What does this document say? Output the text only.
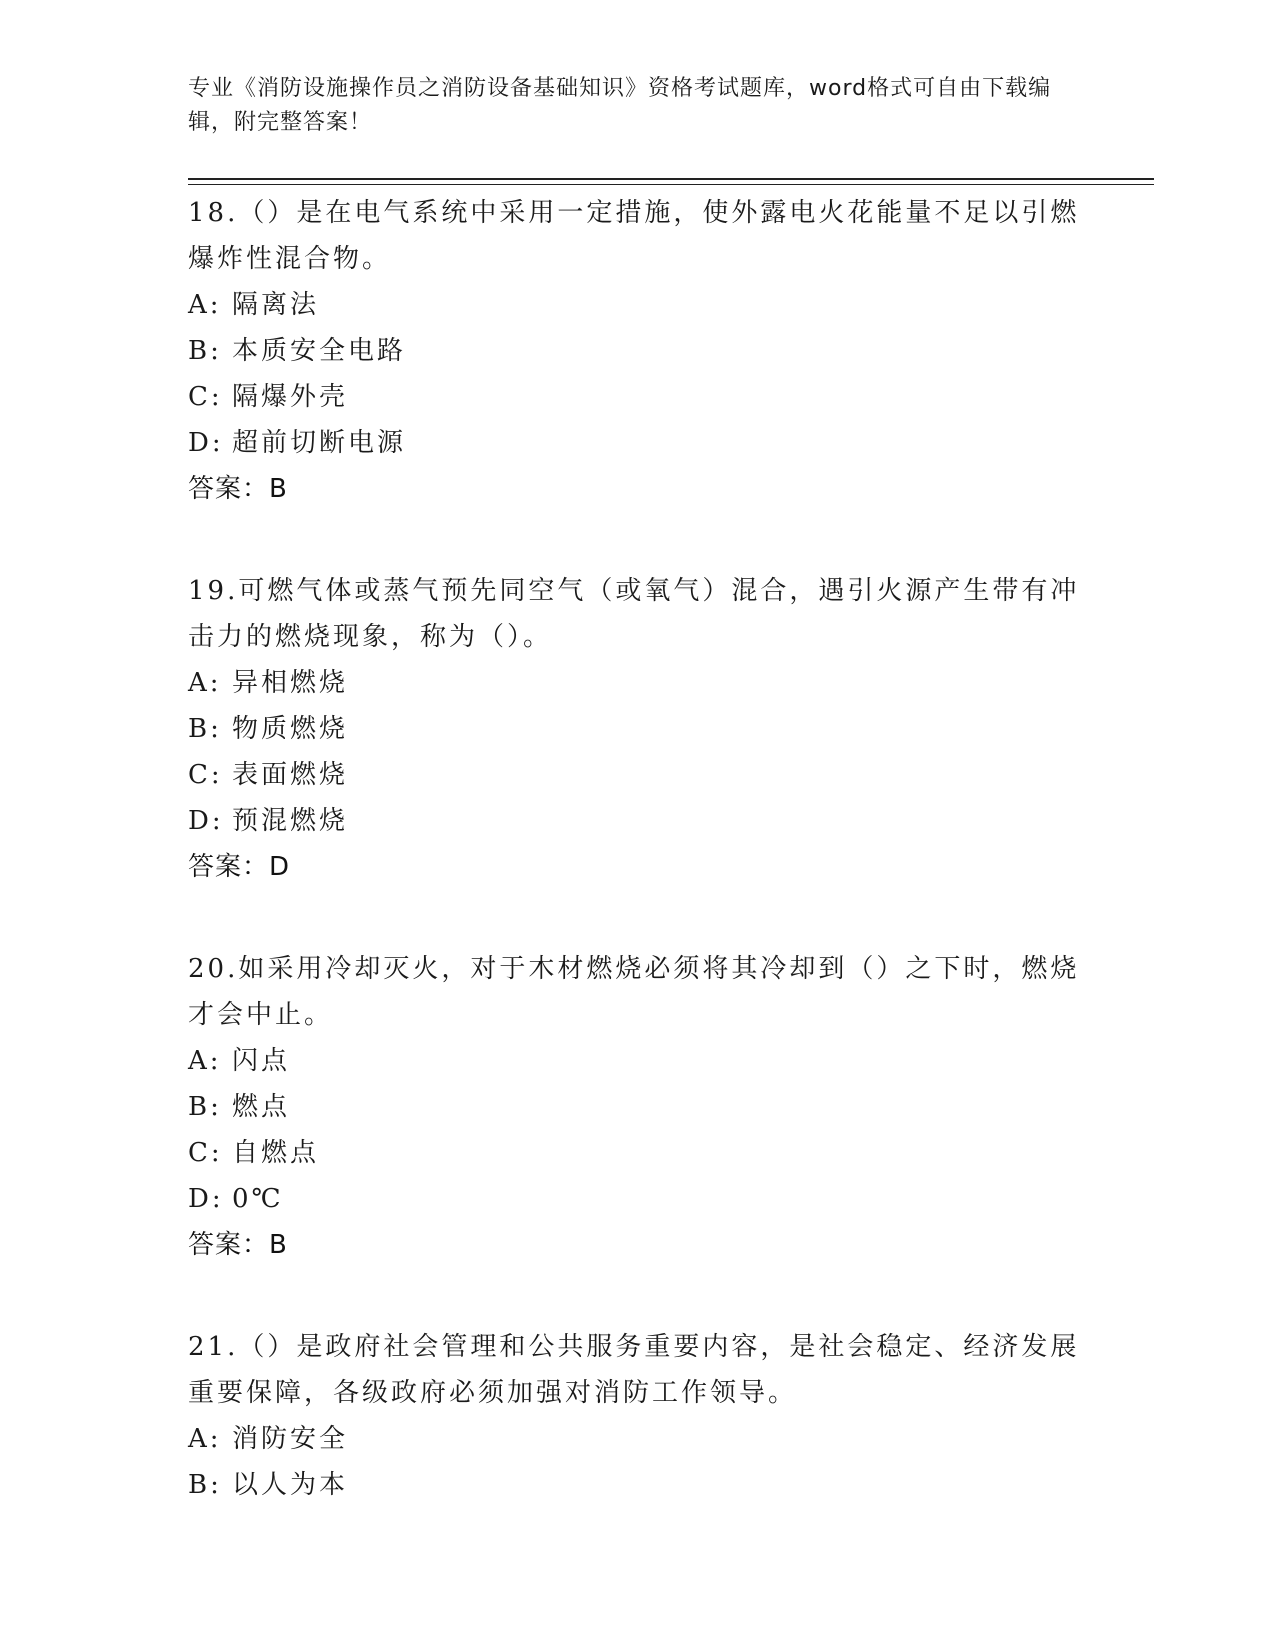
专业《消防设施操作员之消防设备基础知识》资格考试题库，word格式可自由下载编辑，附完整答案！
18.（）是在电气系统中采用一定措施，使外露电火花能量不足以引燃爆炸性混合物。
A: 隔离法
B: 本质安全电路
C: 隔爆外壳
D: 超前切断电源
答案：B
19.可燃气体或蒸气预先同空气（或氧气）混合，遇引火源产生带有冲击力的燃烧现象，称为（）。
A: 异相燃烧
B: 物质燃烧
C: 表面燃烧
D: 预混燃烧
答案：D
20.如采用冷却灭火，对于木材燃烧必须将其冷却到（）之下时，燃烧才会中止。
A: 闪点
B: 燃点
C: 自燃点
D: 0℃
答案：B
21.（）是政府社会管理和公共服务重要内容，是社会稳定、经济发展重要保障，各级政府必须加强对消防工作领导。
A: 消防安全
B: 以人为本
